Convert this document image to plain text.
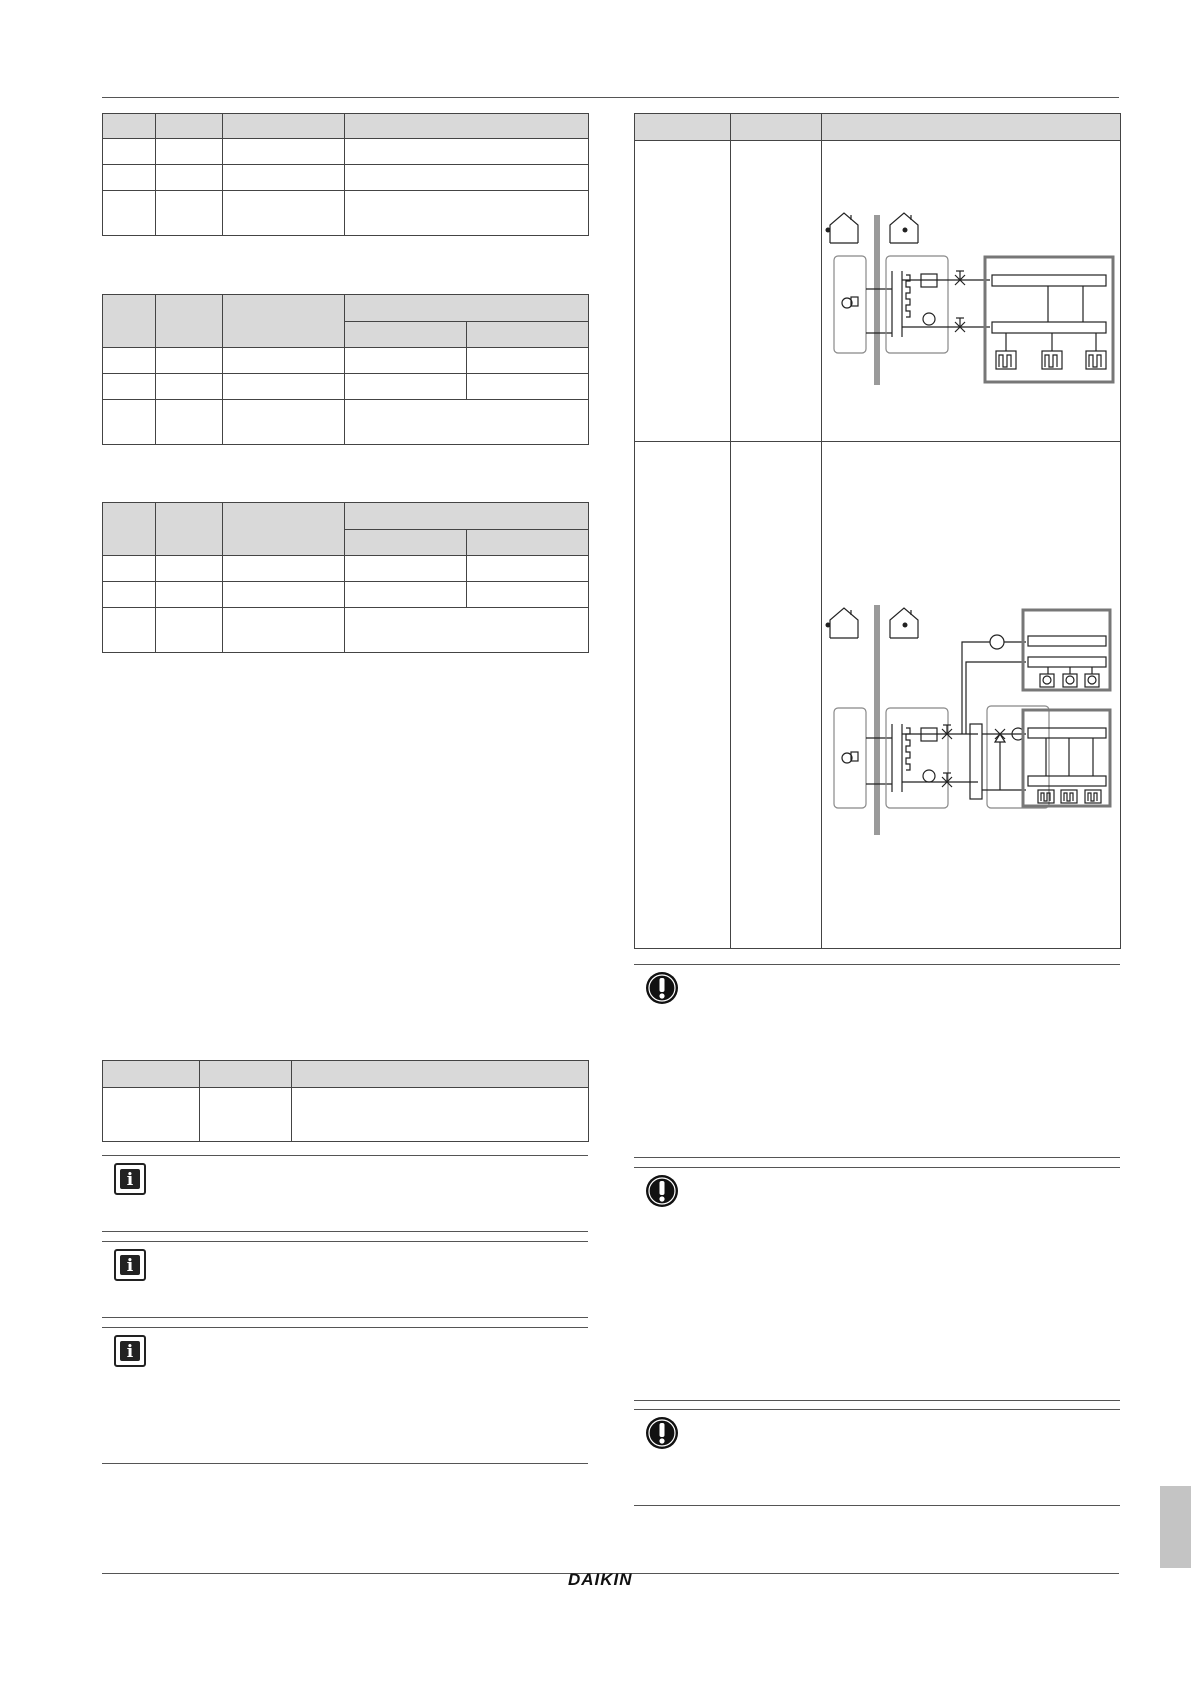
i
i
i

DAIKIN
